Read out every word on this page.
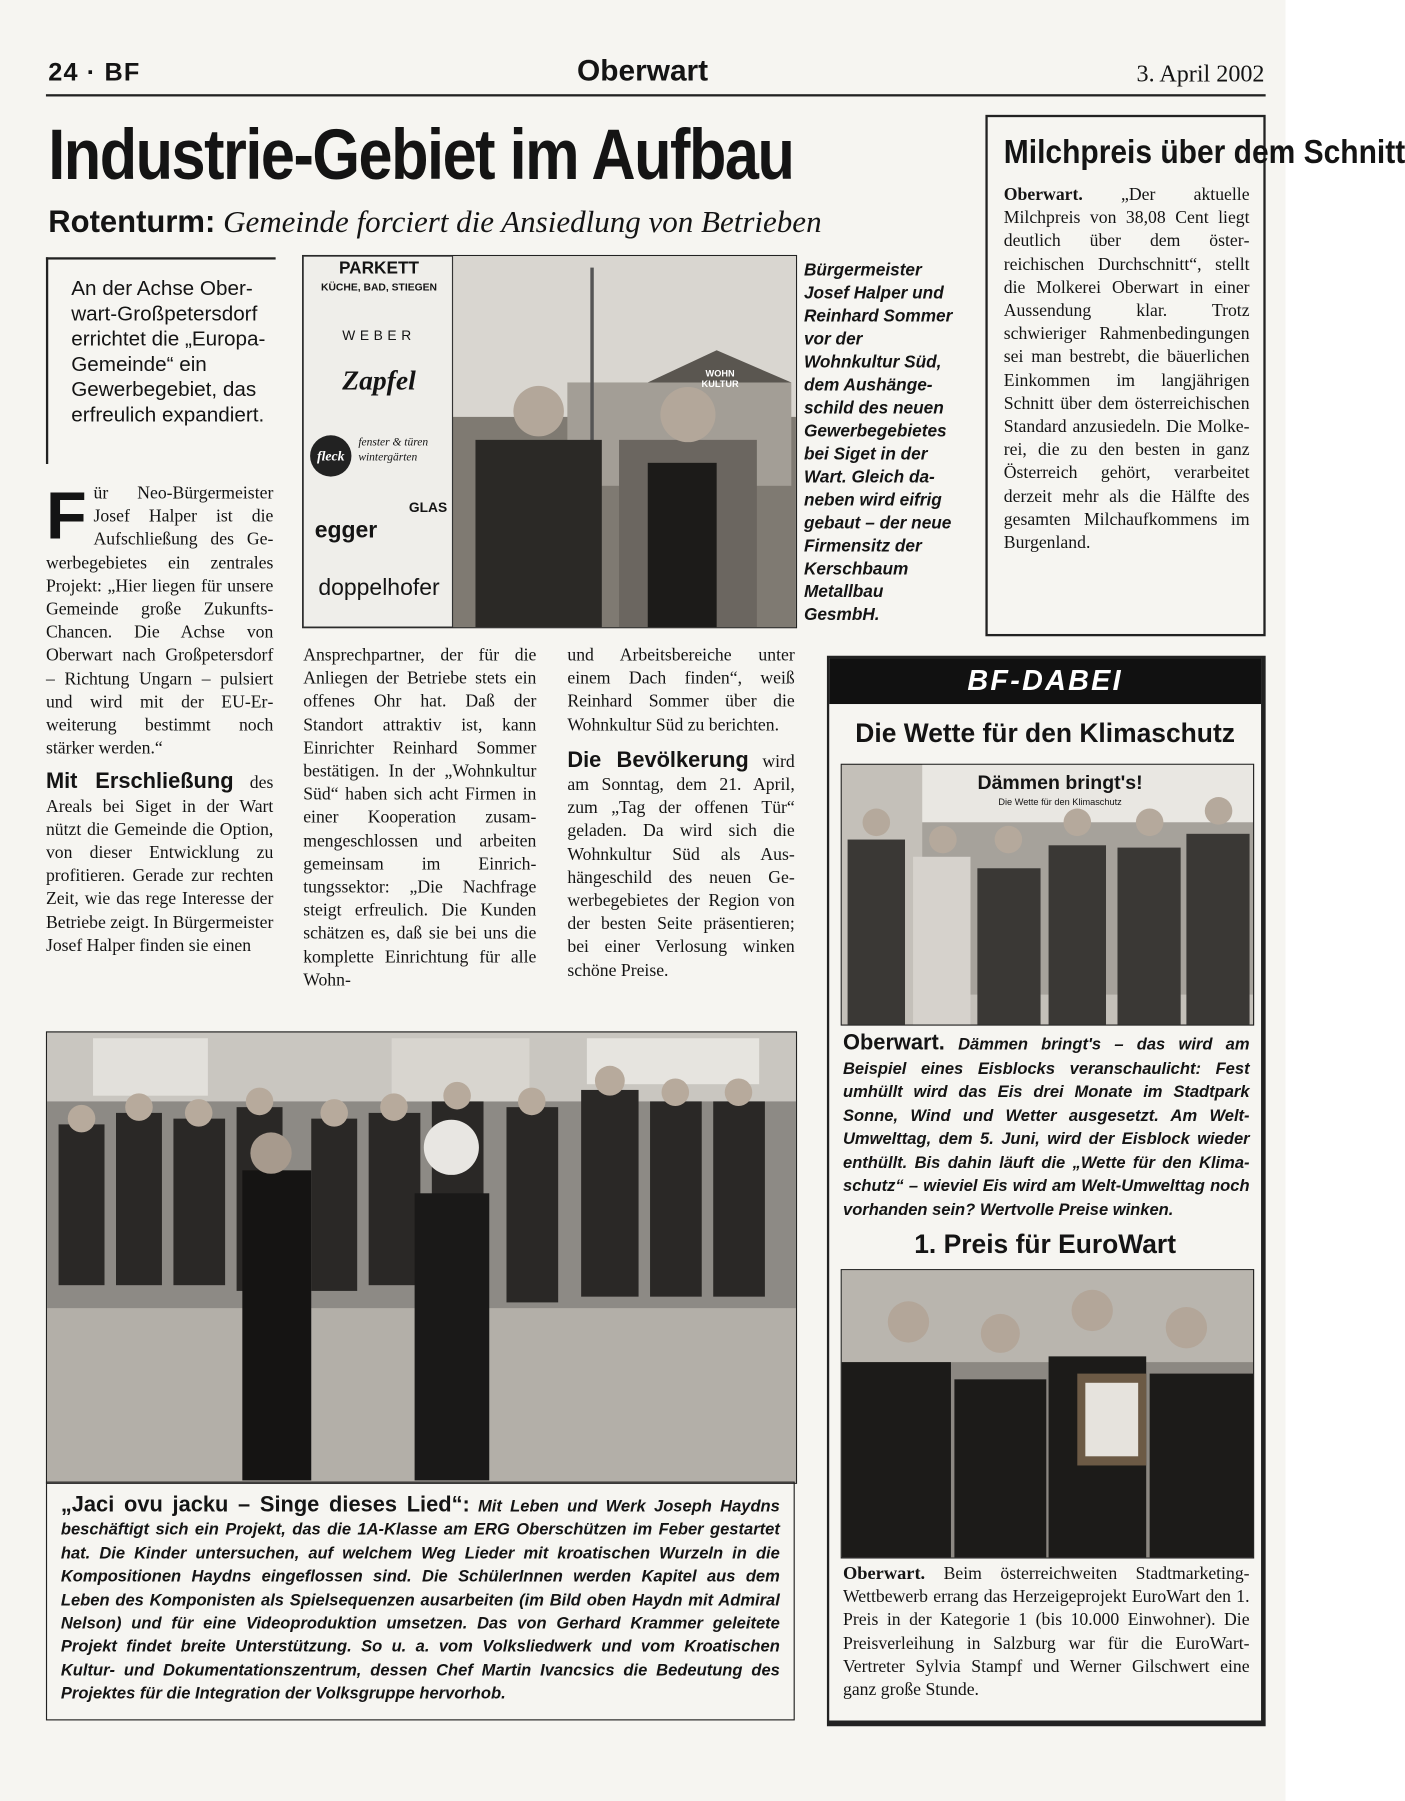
24 · BF	Oberwart	3. April 2002
Industrie-Gebiet im Aufbau
Rotenturm: Gemeinde forciert die Ansiedlung von Betrieben
An der Achse Oberwart-Großpetersdorf errichtet die „Europa-Gemeinde“ ein Gewerbegebiet, das erfreulich expandiert.

Für Neo-Bürgermeister Josef Halper ist die Aufschließung des Gewerbegebietes ein zentrales Projekt: „Hier liegen für unsere Gemeinde große Zukunfts-Chancen. Die Achse von Oberwart nach Großpetersdorf – Richtung Ungarn – pulsiert und wird mit der EU-Erweiterung bestimmt noch stärker werden.“

Mit Erschließung des Areals bei Siget in der Wart nützt die Gemeinde die Option, von dieser Entwicklung zu profitieren. Gerade zur rechten Zeit, wie das rege Interesse der Betriebe zeigt. In Bürgermeister Josef Halper finden sie einen

PARKETT
KÜCHE, BAD, STIEGEN
WEBER
Zapfel
fleck
fenster & türen wintergärten
egger
GLAS
doppelhofer
WOHN KULTUR
Bürgermeister Josef Halper und Reinhard Sommer vor der Wohnkultur Süd, dem Aushängeschild des neuen Gewerbegebietes bei Siget in der Wart. Gleich daneben wird eifrig gebaut – der neue Firmensitz der Kerschbaum Metallbau GesmbH.

Ansprechpartner, der für die Anliegen der Betriebe stets ein offenes Ohr hat. Daß der Standort attraktiv ist, kann Einrichter Reinhard Sommer bestätigen. In der „Wohnkultur Süd“ haben sich acht Firmen in einer Kooperation zusammengeschlossen und arbeiten gemeinsam im Einrichtungssektor: „Die Nachfrage steigt erfreulich. Die Kunden schätzen es, daß sie bei uns die komplette Einrichtung für alle Wohn-

und Arbeitsbereiche unter einem Dach finden“, weiß Reinhard Sommer über die Wohnkultur Süd zu berichten.

Die Bevölkerung wird am Sonntag, dem 21. April, zum „Tag der offenen Tür“ geladen. Da wird sich die Wohnkultur Süd als Aushängeschild des neuen Gewerbegebietes der Region von der besten Seite präsentieren; bei einer Verlosung winken schöne Preise.

Milchpreis über dem Schnitt
Oberwart. „Der aktuelle Milchpreis von 38,08 Cent liegt deutlich über dem österreichischen Durchschnitt“, stellt die Molkerei Oberwart in einer Aussendung klar. Trotz schwieriger Rahmenbedingungen sei man bestrebt, die bäuerlichen Einkommen im langjährigen Schnitt über dem österreichischen Standard anzusiedeln. Die Molkerei, die zu den besten in ganz Österreich gehört, verarbeitet derzeit mehr als die Hälfte des gesamten Milchaufkommens im Burgenland.
„Jaci ovu jacku – Singe dieses Lied“: Mit Leben und Werk Joseph Haydns beschäftigt sich ein Projekt, das die 1A-Klasse am ERG Oberschützen im Feber gestartet hat. Die Kinder untersuchen, auf welchem Weg Lieder mit kroatischen Wurzeln in die Kompositionen Haydns eingeflossen sind. Die SchülerInnen werden Kapitel aus dem Leben des Komponisten als Spielsequenzen ausarbeiten (im Bild oben Haydn mit Admiral Nelson) und für eine Videoproduktion umsetzen. Das von Gerhard Krammer geleitete Projekt findet breite Unterstützung. So u. a. vom Volksliedwerk und vom Kroatischen Kultur- und Dokumentationszentrum, dessen Chef Martin Ivancsics die Bedeutung des Projektes für die Integration der Volksgruppe hervorhob.
BF-DABEI
Die Wette für den Klimaschutz
Dämmen bringt's!
Die Wette für den Klimaschutz
Oberwart. Dämmen bringt's – das wird am Beispiel eines Eisblocks veranschaulicht: Fest umhüllt wird das Eis drei Monate im Stadtpark Sonne, Wind und Wetter ausgesetzt. Am Welt-Umwelttag, dem 5. Juni, wird der Eisblock wieder enthüllt. Bis dahin läuft die „Wette für den Klimaschutz“ – wieviel Eis wird am Welt-Umwelttag noch vorhanden sein? Wertvolle Preise winken.
1. Preis für EuroWart
Oberwart. Beim österreichweiten Stadtmarketing-Wettbewerb errang das Herzeigeprojekt EuroWart den 1. Preis in der Kategorie 1 (bis 10.000 Einwohner). Die Preisverleihung in Salzburg war für die EuroWart-Vertreter Sylvia Stampf und Werner Gilschwert eine ganz große Stunde.
